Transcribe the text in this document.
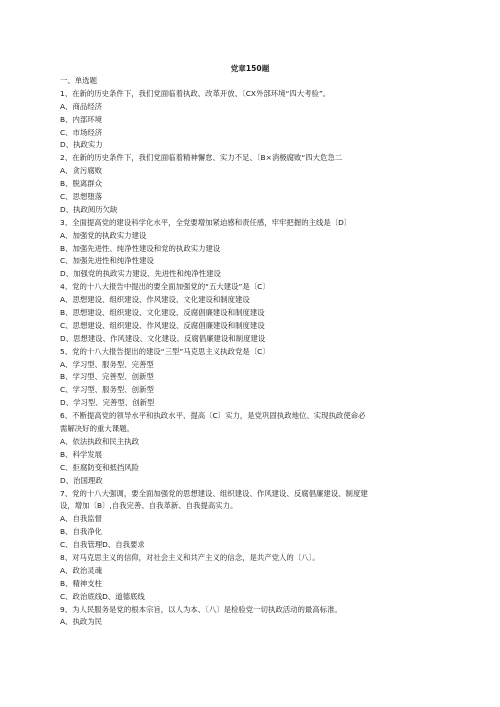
党章150题
一、单选题
1、在新的历史条件下，我们党面临着执政、改革开放、〔CX外部环境“四大考验”。
A、商品经济
B、内部环境
C、市场经济
D、执政实力
2、在新的历史条件下，我们党面临着精神懈怠、实力不足、〔B×消极腐败“四大危急二
A、贪污腐败
B、脱离群众
C、思想堕落
D、执政阅历欠缺
3、全面提高党的建设科学化水平，全党要增加紧迫感和责任感，牢牢把握的主线是〔D〕
A、加强党的执政实力建设
B、加强先进性、纯净性建设和党的执政实力建设
C、加强先进性和纯净性建设
D、加强党的执政实力建设、先进性和纯净性建设
4、党的十八大报告中提出的要全面加强党的“五大建设”是〔C〕
A、思想建设、组织建设、作风建设、文化建设和制度建设
B、思想建设、组织建设、文化建设、反腐倡廉建设和制度建设
C、思想建设、组织建设、作风建设、反腐倡廉建设和制度建设
D、思想建设、作风建设、文化建设、反腐倡廉建设和制度建设
5、党的十八大报告提出的建设“三型”马克思主义执政党是〔C〕
A、学习型、服务型、完善型
B、学习型、完善型、创新型
C、学习型、服务型、创新型
D、学习型、完善型、创新型
6、不断提高党的领导水平和执政水平、提高〔C〕实力，是党巩固执政地位、实现执政使命必
需解决好的重大课题。
A、依法执政和民主执政
B、科学发展
C、拒腐防变和抵挡风险
D、治国理政
7、党的十八大强调，要全面加强党的思想建设、组织建设、作风建设、反腐倡廉建设、制度建
设，增加〔B〕,自我完善、自我革新、自我提高实力。
A、自我监督
B、自我净化
C、自我管理D、自我要求
8、对马克思主义的信仰，对社会主义和共产主义的信念，是共产党人的〔八〕。
A、政治灵魂
B、精神支柱
C、政治底线D、道德底线
9、为人民服务是党的根本宗旨，以人为本、〔八〕是检验党一切执政活动的最高标准。
A、执政为民
